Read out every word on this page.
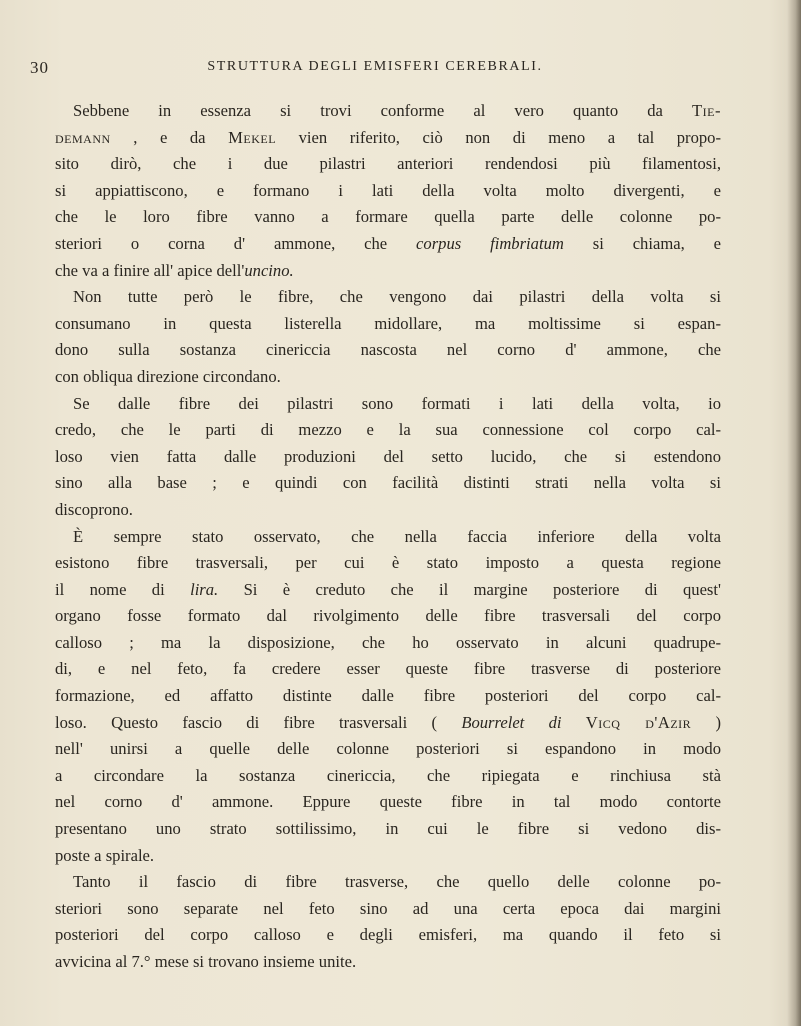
30	STRUTTURA DEGLI EMISFERI CEREBRALI.
Sebbene in essenza si trovi conforme al vero quanto da Tie-
demann , e da Mekel vien riferito, ciò non di meno a tal propo-
sito dirò, che i due pilastri anteriori rendendosi più filamentosi,
si appiattiscono, e formano i lati della volta molto divergenti, e
che le loro fibre vanno a formare quella parte delle colonne po-
steriori o corna d' ammone, che corpus fimbriatum si chiama, e
che va a finire all' apice dell'uncino.
Non tutte però le fibre, che vengono dai pilastri della volta si
consumano in questa listerella midollare, ma moltissime si espan-
dono sulla sostanza cinericcia nascosta nel corno d' ammone, che
con obliqua direzione circondano.
Se dalle fibre dei pilastri sono formati i lati della volta, io
credo, che le parti di mezzo e la sua connessione col corpo cal-
loso vien fatta dalle produzioni del setto lucido, che si estendono
sino alla base ; e quindi con facilità distinti strati nella volta si
discoprono.
È sempre stato osservato, che nella faccia inferiore della volta
esistono fibre trasversali, per cui è stato imposto a questa regione
il nome di lira. Si è creduto che il margine posteriore di quest'
organo fosse formato dal rivolgimento delle fibre trasversali del corpo
calloso ; ma la disposizione, che ho osservato in alcuni quadrupe-
di, e nel feto, fa credere esser queste fibre trasverse di posteriore
formazione, ed affatto distinte dalle fibre posteriori del corpo cal-
loso. Questo fascio di fibre trasversali ( Bourrelet di Vicq d'Azir )
nell' unirsi a quelle delle colonne posteriori si espandono in modo
a circondare la sostanza cinericcia, che ripiegata e rinchiusa stà
nel corno d' ammone. Eppure queste fibre in tal modo contorte
presentano uno strato sottilissimo, in cui le fibre si vedono dis-
poste a spirale.
Tanto il fascio di fibre trasverse, che quello delle colonne po-
steriori sono separate nel feto sino ad una certa epoca dai margini
posteriori del corpo calloso e degli emisferi, ma quando il feto si
avvicina al 7.° mese si trovano insieme unite.
